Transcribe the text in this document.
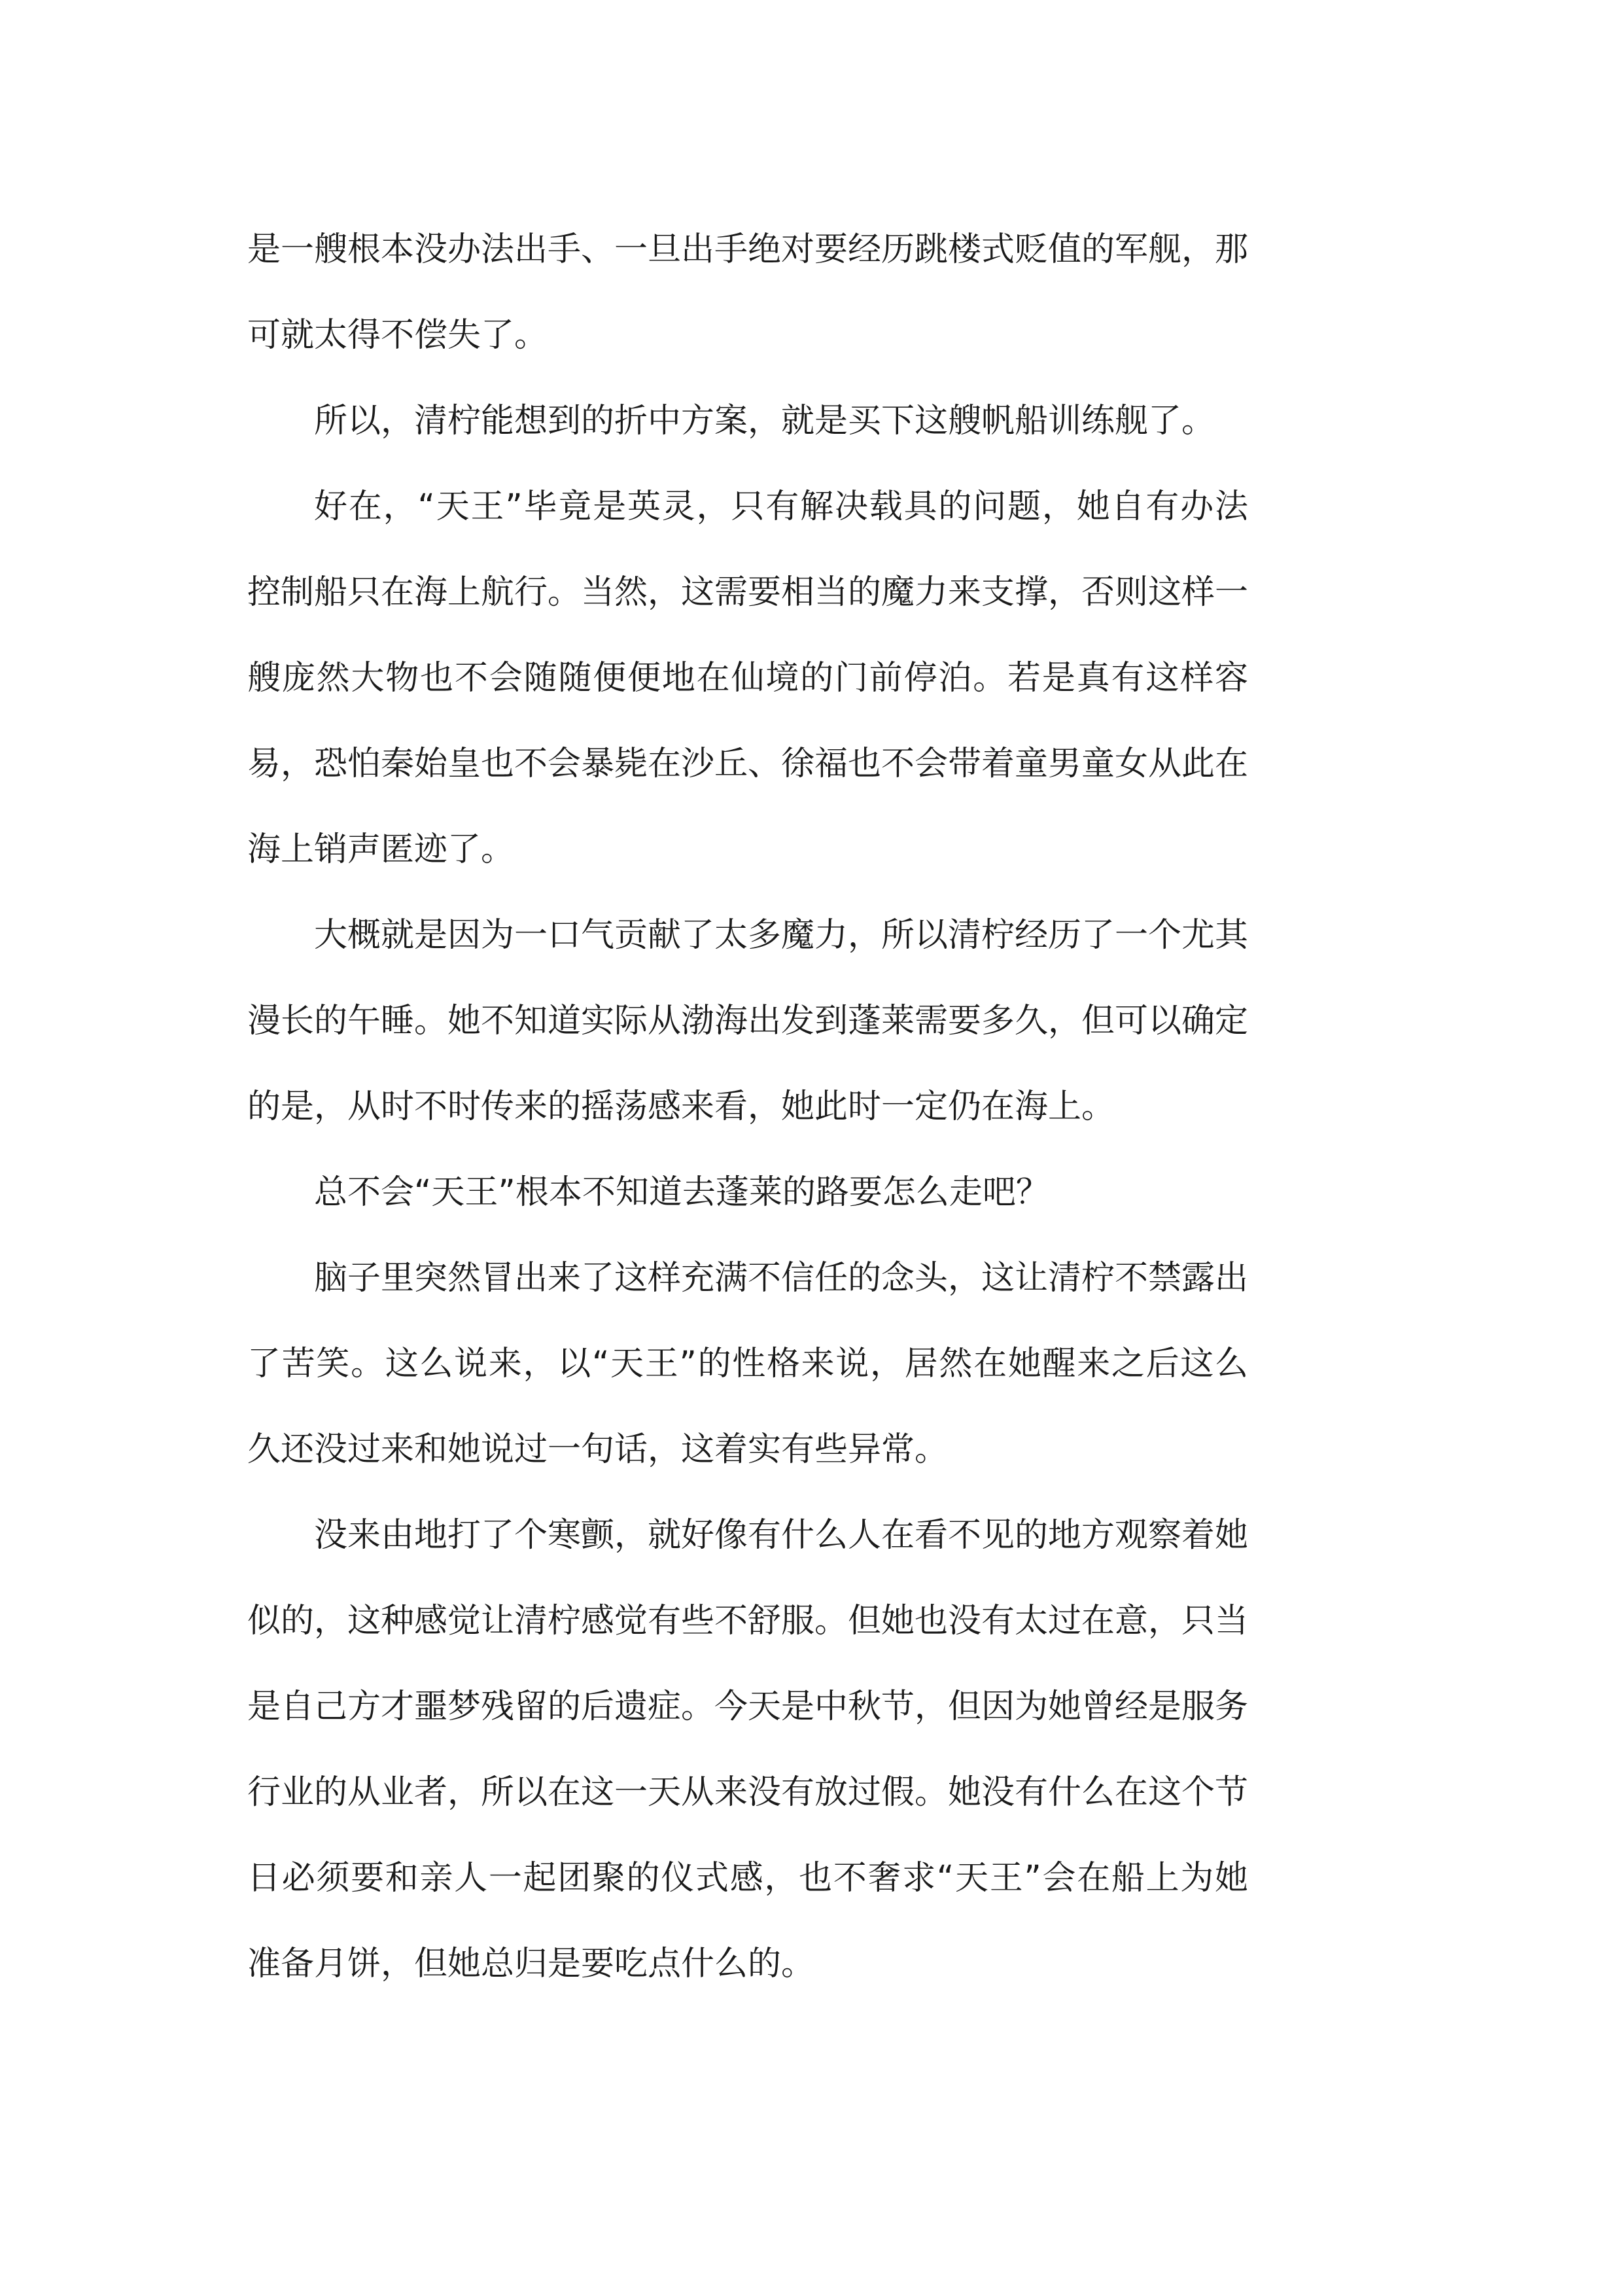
是一艘根本没办法出手、一旦出手绝对要经历跳楼式贬值的军舰，那可就太得不偿失了。

所以，清柠能想到的折中方案，就是买下这艘帆船训练舰了。

好在，“天王”毕竟是英灵，只有解决载具的问题，她自有办法控制船只在海上航行。当然，这需要相当的魔力来支撑，否则这样一艘庞然大物也不会随随便便地在仙境的门前停泊。若是真有这样容易，恐怕秦始皇也不会暴毙在沙丘、徐福也不会带着童男童女从此在海上销声匿迹了。

大概就是因为一口气贡献了太多魔力，所以清柠经历了一个尤其漫长的午睡。她不知道实际从渤海出发到蓬莱需要多久，但可以确定的是，从时不时传来的摇荡感来看，她此时一定仍在海上。

总不会“天王”根本不知道去蓬莱的路要怎么走吧？

脑子里突然冒出来了这样充满不信任的念头，这让清柠不禁露出了苦笑。这么说来，以“天王”的性格来说，居然在她醒来之后这么久还没过来和她说过一句话，这着实有些异常。

没来由地打了个寒颤，就好像有什么人在看不见的地方观察着她似的，这种感觉让清柠感觉有些不舒服。但她也没有太过在意，只当是自己方才噩梦残留的后遗症。今天是中秋节，但因为她曾经是服务行业的从业者，所以在这一天从来没有放过假。她没有什么在这个节日必须要和亲人一起团聚的仪式感，也不奢求“天王”会在船上为她准备月饼，但她总归是要吃点什么的。
